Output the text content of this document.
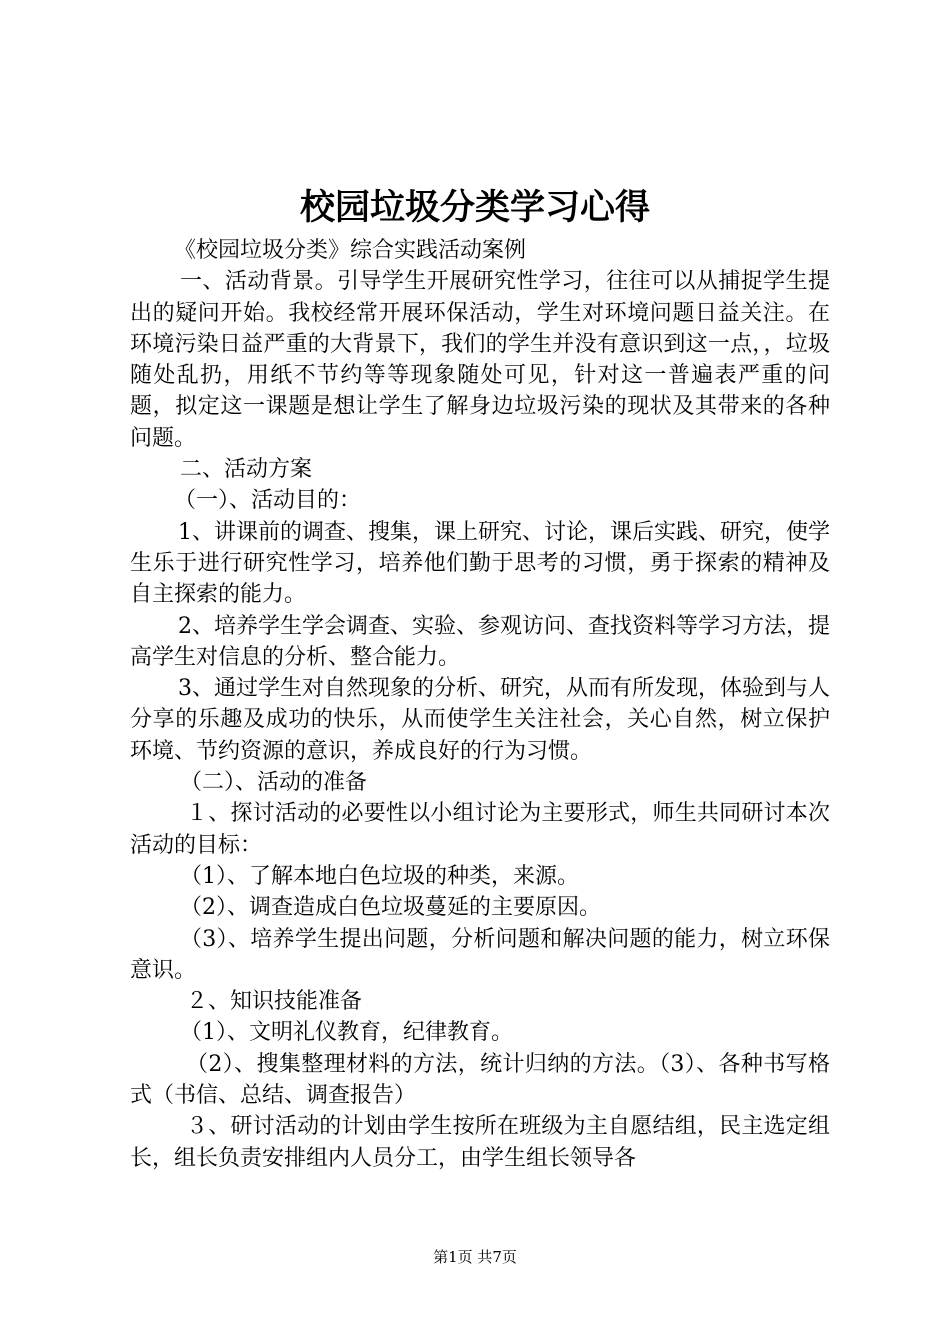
校园垃圾分类学习心得

《校园垃圾分类》综合实践活动案例

一、活动背景。引导学生开展研究性学习，往往可以从捕捉学生提出的疑问开始。我校经常开展环保活动，学生对环境问题日益关注。在环境污染日益严重的大背景下，我们的学生并没有意识到这一点，，垃圾随处乱扔，用纸不节约等等现象随处可见，针对这一普遍表严重的问题，拟定这一课题是想让学生了解身边垃圾污染的现状及其带来的各种问题。

二、活动方案

（一）、活动目的：

1、讲课前的调查、搜集，课上研究、讨论，课后实践、研究，使学生乐于进行研究性学习，培养他们勤于思考的习惯，勇于探索的精神及自主探索的能力。

2、培养学生学会调查、实验、参观访问、查找资料等学习方法，提高学生对信息的分析、整合能力。

3、通过学生对自然现象的分析、研究，从而有所发现，体验到与人分享的乐趣及成功的快乐，从而使学生关注社会，关心自然，树立保护环境、节约资源的意识，养成良好的行为习惯。

（二）、活动的准备

１、探讨活动的必要性以小组讨论为主要形式，师生共同研讨本次活动的目标：

（1）、了解本地白色垃圾的种类，来源。

（2）、调查造成白色垃圾蔓延的主要原因。

（3）、培养学生提出问题，分析问题和解决问题的能力，树立环保意识。

２、知识技能准备

（1）、文明礼仪教育，纪律教育。

（2）、搜集整理材料的方法，统计归纳的方法。（3）、各种书写格式（书信、总结、调查报告）

３、研讨活动的计划由学生按所在班级为主自愿结组，民主选定组长，组长负责安排组内人员分工，由学生组长领导各

第1页 共7页
